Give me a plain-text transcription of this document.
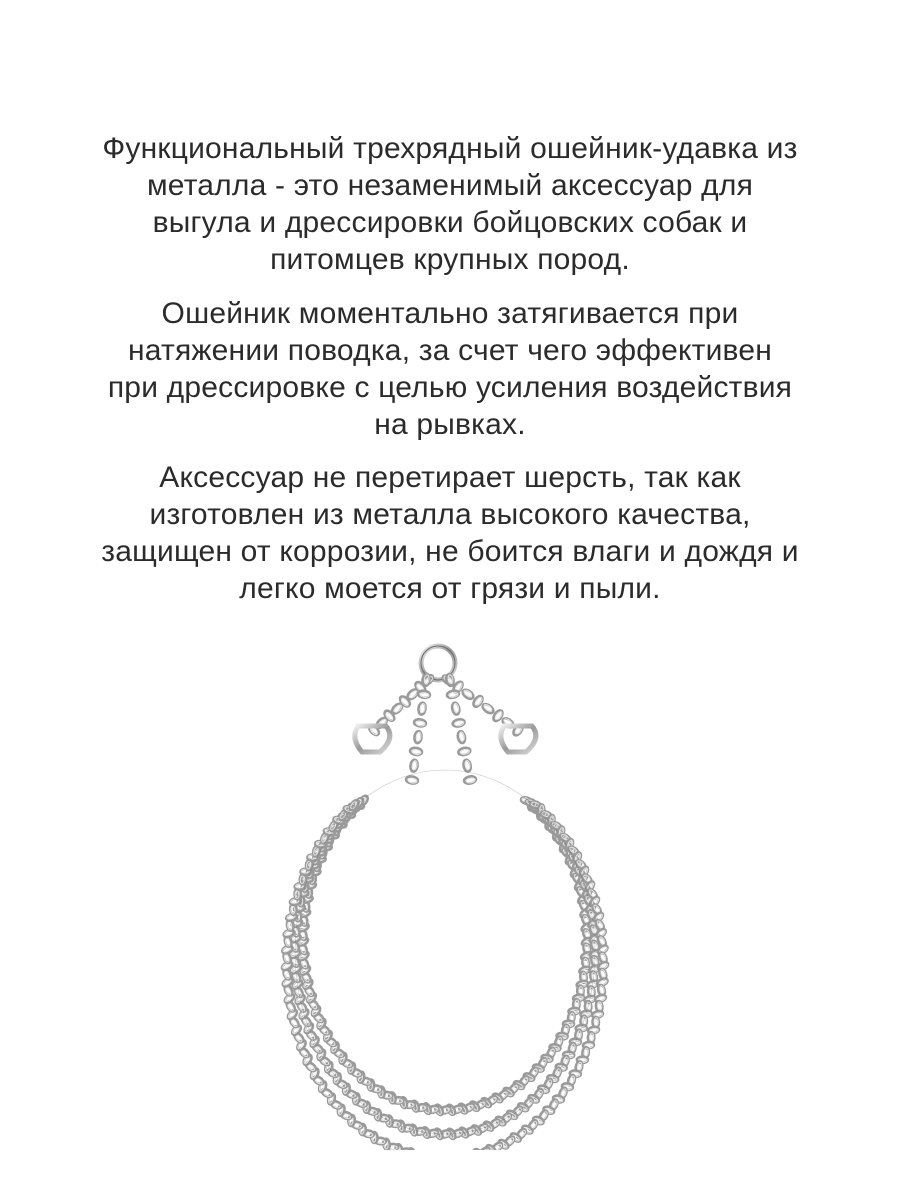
Функциональный трехрядный ошейник-удавка из
металла - это незаменимый аксессуар для
выгула и дрессировки бойцовских собак и
питомцев крупных пород.
Ошейник моментально затягивается при
натяжении поводка, за счет чего эффективен
при дрессировке с целью усиления воздействия
на рывках.
Аксессуар не перетирает шерсть, так как
изготовлен из металла высокого качества,
защищен от коррозии, не боится влаги и дождя и
легко моется от грязи и пыли.
